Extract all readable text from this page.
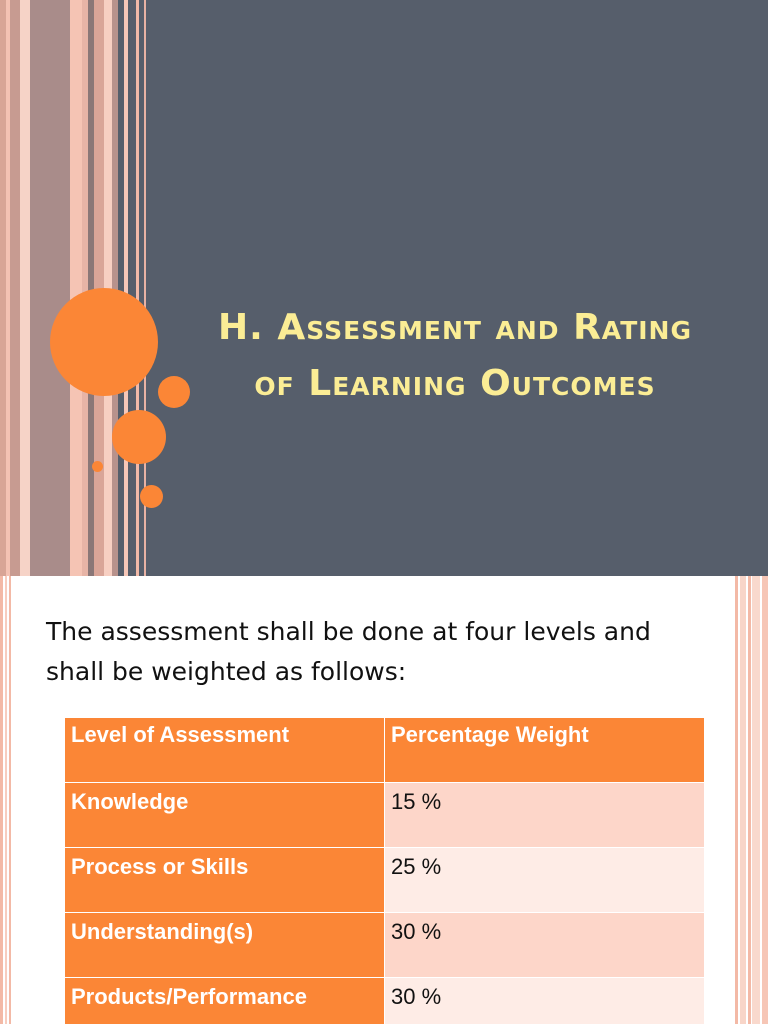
H. Assessment and Rating
of Learning Outcomes
The assessment shall be done at four levels and
shall be weighted as follows:
Level of Assessment	Percentage Weight
Knowledge	15 %
Process or Skills	25 %
Understanding(s)	30 %
Products/Performance	30 %
